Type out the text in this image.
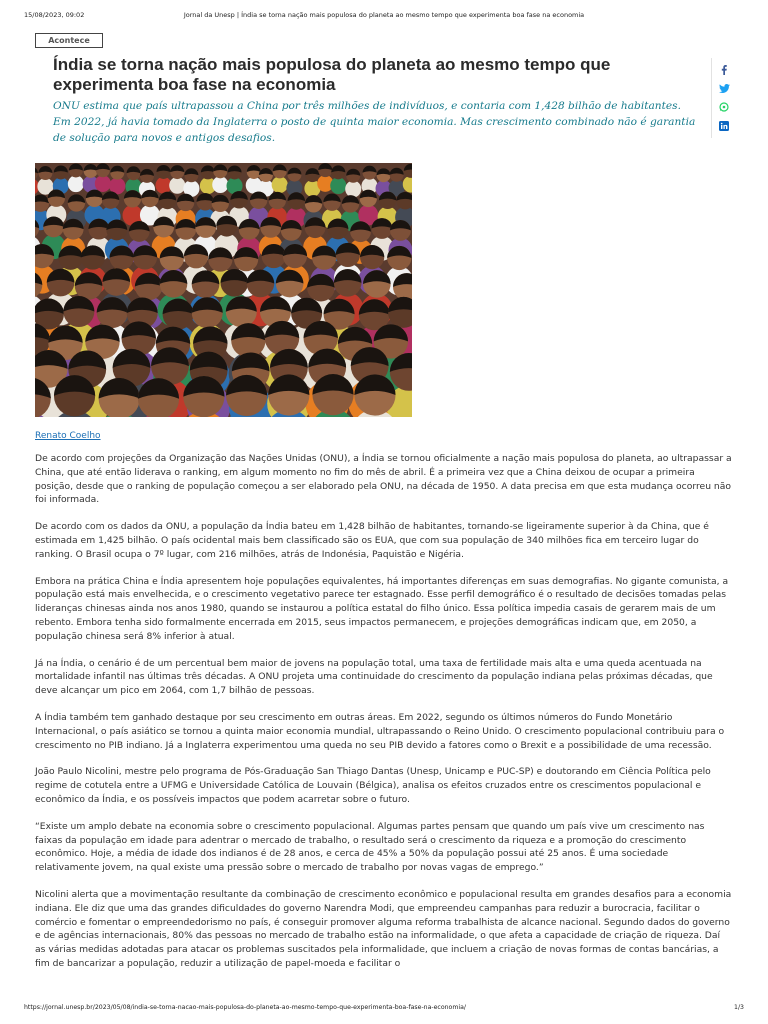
15/08/2023, 09:02	Jornal da Unesp | Índia se torna nação mais populosa do planeta ao mesmo tempo que experimenta boa fase na economia
Acontece
Índia se torna nação mais populosa do planeta ao mesmo tempo que experimenta boa fase na economia

ONU estima que país ultrapassou a China por três milhões de indivíduos, e contaria com 1,428 bilhão de habitantes. Em 2022, já havia tomado da Inglaterra o posto de quinta maior economia. Mas crescimento combinado não é garantia de solução para novos e antigos desafios.

Renato Coelho

De acordo com projeções da Organização das Nações Unidas (ONU), a Índia se tornou oficialmente a nação mais populosa do planeta, ao ultrapassar a China, que até então liderava o ranking, em algum momento no fim do mês de abril. É a primeira vez que a China deixou de ocupar a primeira posição, desde que o ranking de população começou a ser elaborado pela ONU, na década de 1950. A data precisa em que esta mudança ocorreu não foi informada.

De acordo com os dados da ONU, a população da Índia bateu em 1,428 bilhão de habitantes, tornando-se ligeiramente superior à da China, que é estimada em 1,425 bilhão. O país ocidental mais bem classificado são os EUA, que com sua população de 340 milhões fica em terceiro lugar do ranking. O Brasil ocupa o 7º lugar, com 216 milhões, atrás de Indonésia, Paquistão e Nigéria.

Embora na prática China e Índia apresentem hoje populações equivalentes, há importantes diferenças em suas demografias. No gigante comunista, a população está mais envelhecida, e o crescimento vegetativo parece ter estagnado. Esse perfil demográfico é o resultado de decisões tomadas pelas lideranças chinesas ainda nos anos 1980, quando se instaurou a política estatal do filho único. Essa política impedia casais de gerarem mais de um rebento. Embora tenha sido formalmente encerrada em 2015, seus impactos permanecem, e projeções demográficas indicam que, em 2050, a população chinesa será 8% inferior à atual.

Já na Índia, o cenário é de um percentual bem maior de jovens na população total, uma taxa de fertilidade mais alta e uma queda acentuada na mortalidade infantil nas últimas três décadas. A ONU projeta uma continuidade do crescimento da população indiana pelas próximas décadas, que deve alcançar um pico em 2064, com 1,7 bilhão de pessoas.

A Índia também tem ganhado destaque por seu crescimento em outras áreas. Em 2022, segundo os últimos números do Fundo Monetário Internacional, o país asiático se tornou a quinta maior economia mundial, ultrapassando o Reino Unido. O crescimento populacional contribuiu para o crescimento no PIB indiano. Já a Inglaterra experimentou uma queda no seu PIB devido a fatores como o Brexit e a possibilidade de uma recessão.

João Paulo Nicolini, mestre pelo programa de Pós-Graduação San Thiago Dantas (Unesp, Unicamp e PUC-SP) e doutorando em Ciência Política pelo regime de cotutela entre a UFMG e Universidade Católica de Louvain (Bélgica), analisa os efeitos cruzados entre os crescimentos populacional e econômico da Índia, e os possíveis impactos que podem acarretar sobre o futuro.

“Existe um amplo debate na economia sobre o crescimento populacional. Algumas partes pensam que quando um país vive um crescimento nas faixas da população em idade para adentrar o mercado de trabalho, o resultado será o crescimento da riqueza e a promoção do crescimento econômico. Hoje, a média de idade dos indianos é de 28 anos, e cerca de 45% a 50% da população possui até 25 anos. É uma sociedade relativamente jovem, na qual existe uma pressão sobre o mercado de trabalho por novas vagas de emprego.”

Nicolini alerta que a movimentação resultante da combinação de crescimento econômico e populacional resulta em grandes desafios para a economia indiana. Ele diz que uma das grandes dificuldades do governo Narendra Modi, que empreendeu campanhas para reduzir a burocracia, facilitar o comércio e fomentar o empreendedorismo no país, é conseguir promover alguma reforma trabalhista de alcance nacional. Segundo dados do governo e de agências internacionais, 80% das pessoas no mercado de trabalho estão na informalidade, o que afeta a capacidade de criação de riqueza. Daí as várias medidas adotadas para atacar os problemas suscitados pela informalidade, que incluem a criação de novas formas de contas bancárias, a fim de bancarizar a população, reduzir a utilização de papel-moeda e facilitar o

https://jornal.unesp.br/2023/05/08/india-se-torna-nacao-mais-populosa-do-planeta-ao-mesmo-tempo-que-experimenta-boa-fase-na-economia/	1/3
